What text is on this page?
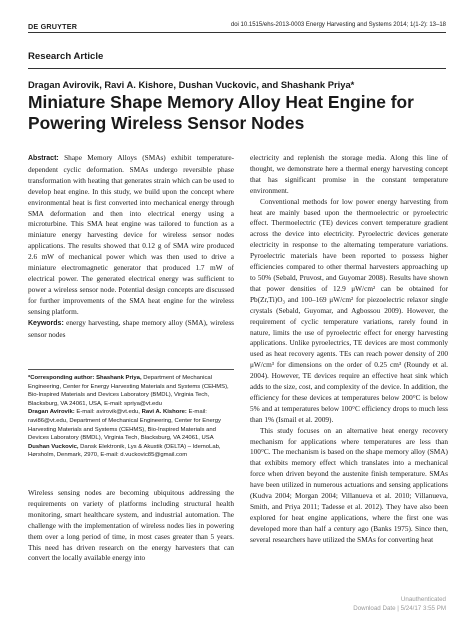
DE GRUYTER	doi 10.1515/ehs-2013-0003 Energy Harvesting and Systems 2014; 1(1-2): 13–18
Research Article
Dragan Avirovik, Ravi A. Kishore, Dushan Vuckovic, and Shashank Priya*
Miniature Shape Memory Alloy Heat Engine for Powering Wireless Sensor Nodes

Abstract: Shape Memory Alloys (SMAs) exhibit temperature-dependent cyclic deformation. SMAs undergo reversible phase transformation with heating that generates strain which can be used to develop heat engine. In this study, we build upon the concept where environmental heat is first converted into mechanical energy through SMA deformation and then into electrical energy using a microturbine. This SMA heat engine was tailored to function as a miniature energy harvesting device for wireless sensor nodes applications. The results showed that 0.12 g of SMA wire produced 2.6 mW of mechanical power which was then used to drive a miniature electromagnetic generator that produced 1.7 mW of electrical power. The generated electrical energy was sufficient to power a wireless sensor node. Potential design concepts are discussed for further improvements of the SMA heat engine for the wireless sensing platform.

Keywords: energy harvesting, shape memory alloy (SMA), wireless sensor nodes

*Corresponding author: Shashank Priya, Department of Mechanical Engineering, Center for Energy Harvesting Materials and Systems (CEHMS), Bio-Inspired Materials and Devices Laboratory (BMDL), Virginia Tech, Blacksburg, VA 24061, USA, E-mail: spriya@vt.edu

Dragan Avirovik: E-mail: avirovik@vt.edu, Ravi A. Kishore: E-mail: ravi86@vt.edu, Department of Mechanical Engineering, Center for Energy Harvesting Materials and Systems (CEHMS), Bio-Inspired Materials and Devices Laboratory (BMDL), Virginia Tech, Blacksburg, VA 24061, USA

Dushan Vuckovic, Dansk Elektronik, Lys & Akustik (DELTA) – IdemoLab, Hørsholm, Denmark, 2970, E-mail: d.vuckovic85@gmail.com

Wireless sensing nodes are becoming ubiquitous addressing the requirements on variety of platforms including structural health monitoring, smart healthcare system, and industrial automation. The challenge with the implementation of wireless nodes lies in powering them over a long period of time, in most cases greater than 5 years. This need has driven research on the energy harvesters that can convert the locally available energy into

electricity and replenish the storage media. Along this line of thought, we demonstrate here a thermal energy harvesting concept that has significant promise in the constant temperature environment.

Conventional methods for low power energy harvesting from heat are mainly based upon the thermoelectric or pyroelectric effect. Thermoelectric (TE) devices convert temperature gradient across the device into electricity. Pyroelectric devices generate electricity in response to the alternating temperature variations. Pyroelectric materials have been reported to possess higher efficiencies compared to other thermal harvesters approaching up to 50% (Sebald, Pruvost, and Guyomar 2008). Results have shown that power densities of 12.9 μW/cm² can be obtained for Pb(Zr,Ti)O₃ and 100–169 μW/cm² for piezoelectric relaxor single crystals (Sebald, Guyomar, and Agbossou 2009). However, the requirement of cyclic temperature variations, rarely found in nature, limits the use of pyroelectric effect for energy harvesting applications. Unlike pyroelectrics, TE devices are most commonly used as heat recovery agents. TEs can reach power density of 200 μW/cm³ for dimensions on the order of 0.25 cm³ (Roundy et al. 2004). However, TE devices require an effective heat sink which adds to the size, cost, and complexity of the device. In addition, the efficiency for these devices at temperatures below 200°C is below 5% and at temperatures below 100°C efficiency drops to much less than 1% (Ismail et al. 2009).

This study focuses on an alternative heat energy recovery mechanism for applications where temperatures are less than 100°C. The mechanism is based on the shape memory alloy (SMA) that exhibits memory effect which translates into a mechanical force when driven beyond the austenite finish temperature. SMAs have been utilized in numerous actuations and sensing applications (Kudva 2004; Morgan 2004; Villanueva et al. 2010; Villanueva, Smith, and Priya 2011; Tadesse et al. 2012). They have also been explored for heat engine applications, where the first one was developed more than half a century ago (Banks 1975). Since then, several researchers have utilized the SMAs for converting heat

Unauthenticated
Download Date | 5/24/17 3:55 PM
